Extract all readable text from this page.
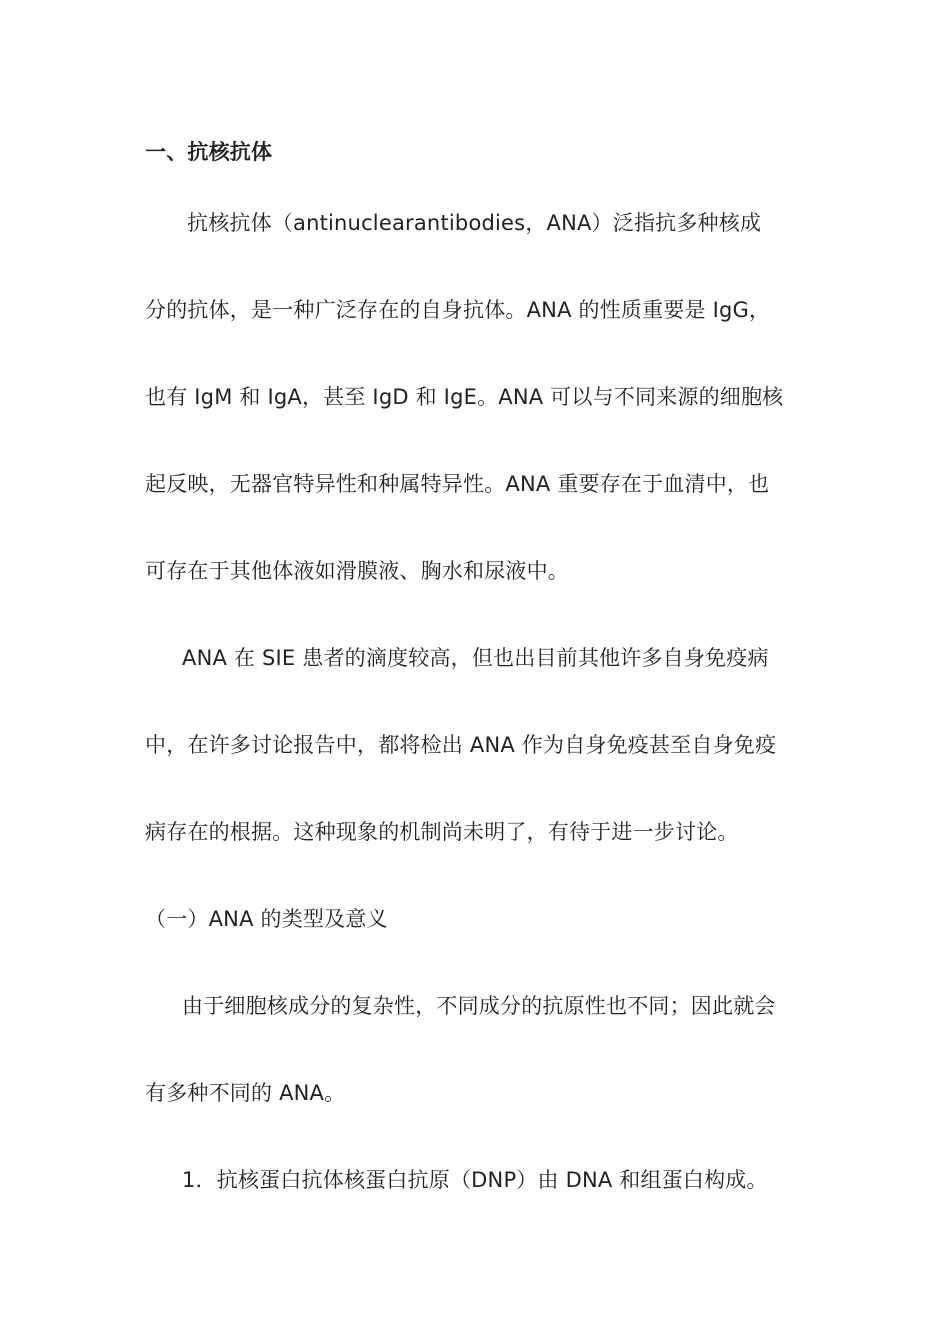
一、抗核抗体
抗核抗体（antinuclearantibodies，ANA）泛指抗多种核成
分的抗体，是一种广泛存在的自身抗体。ANA 的性质重要是 IgG，
也有 IgM 和 IgA，甚至 IgD 和 IgE。ANA 可以与不同来源的细胞核
起反映，无器官特异性和种属特异性。ANA 重要存在于血清中，也
可存在于其他体液如滑膜液、胸水和尿液中。
ANA 在 SIE 患者的滴度较高，但也出目前其他许多自身免疫病
中，在许多讨论报告中，都将检出 ANA 作为自身免疫甚至自身免疫
病存在的根据。这种现象的机制尚未明了，有待于进一步讨论。
（一）ANA 的类型及意义
由于细胞核成分的复杂性，不同成分的抗原性也不同；因此就会
有多种不同的 ANA。
1．抗核蛋白抗体核蛋白抗原（DNP）由 DNA 和组蛋白构成。
